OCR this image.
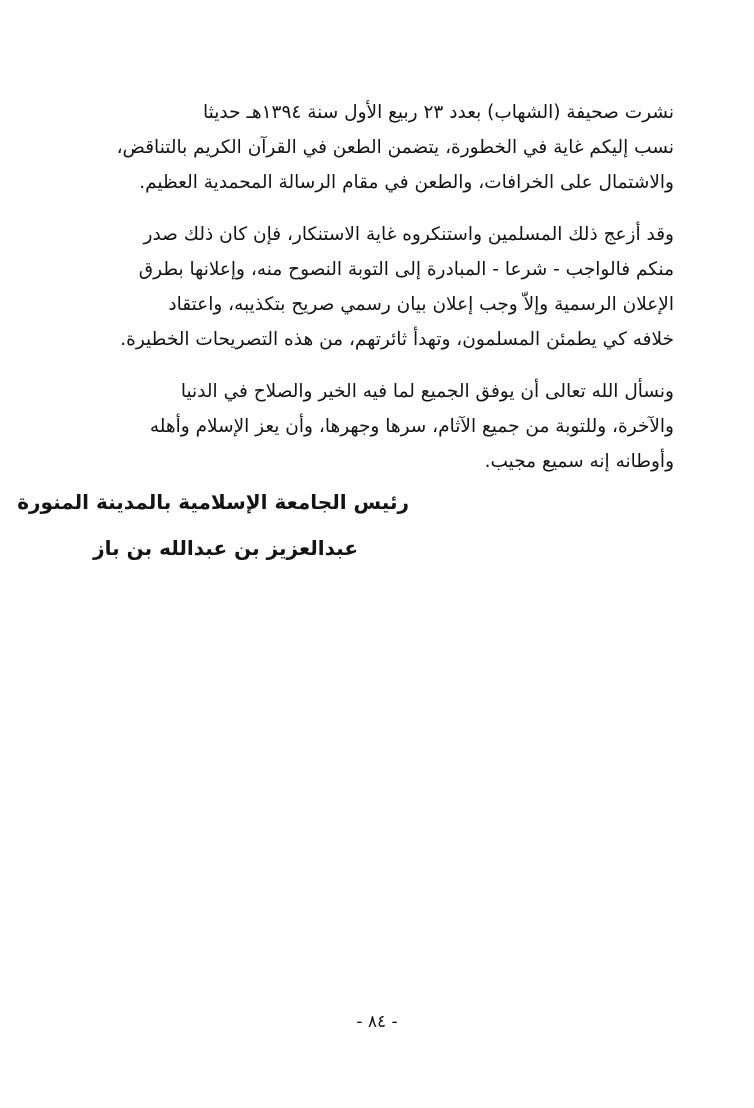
نشرت صحيفة (الشهاب) بعدد ٢٣ ربيع الأول سنة ١٣٩٤هـ حديثا
نسب إليكم غاية في الخطورة، يتضمن الطعن في القرآن الكريم بالتناقض،
والاشتمال على الخرافات، والطعن في مقام الرسالة المحمدية العظيم.
وقد أزعج ذلك المسلمين واستنكروه غاية الاستنكار، فإن كان ذلك صدر
منكم فالواجب - شرعا - المبادرة إلى التوبة النصوح منه، وإعلانها بطرق
الإعلان الرسمية وإلاّ وجب إعلان بيان رسمي صريح بتكذيبه، واعتقاد
خلافه كي يطمئن المسلمون، وتهدأ ثائرتهم، من هذه التصريحات الخطيرة.
ونسأل الله تعالى أن يوفق الجميع لما فيه الخير والصلاح في الدنيا
والآخرة، وللتوبة من جميع الآثام، سرها وجهرها، وأن يعز الإسلام وأهله
وأوطانه إنه سميع مجيب.
رئيس الجامعة الإسلامية بالمدينة المنورة
عبدالعزيز بن عبدالله بن باز
- ٨٤ -
